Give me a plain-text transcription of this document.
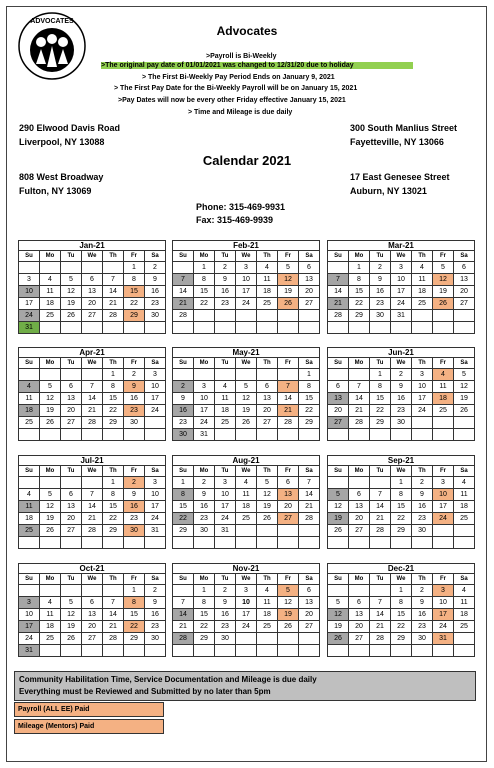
ADVOCATES
Advocates
>Payroll is Bi-Weekly
>The original pay date of 01/01/2021 was changed to 12/31/20 due to holiday
> The First Bi-Weekly Pay Period Ends on January 9, 2021
> The First Pay Date for the Bi-Weekly Payroll will be on January 15, 2021
>Pay Dates will now be every other Friday effective January 15, 2021
> Time and Mileage is due daily
290 Elwood Davis Road
Liverpool, NY 13088
300 South Manlius Street
Fayetteville, NY 13066
Calendar 2021
808 West Broadway
Fulton, NY 13069
17 East Genesee Street
Auburn, NY 13021
Phone: 315-469-9931
Fax: 315-469-9939
Jan-21
Su	Mo	Tu	We	Th	Fr	Sa
					1	2
3	4	5	6	7	8	9
10	11	12	13	14	15	16
17	18	19	20	21	22	23
24	25	26	27	28	29	30
31						
Feb-21
Su	Mo	Tu	We	Th	Fr	Sa
	1	2	3	4	5	6
7	8	9	10	11	12	13
14	15	16	17	18	19	20
21	22	23	24	25	26	27
28						

Mar-21
Su	Mo	Tu	We	Th	Fr	Sa
	1	2	3	4	5	6
7	8	9	10	11	12	13
14	15	16	17	18	19	20
21	22	23	24	25	26	27
28	29	30	31			

Apr-21
Su	Mo	Tu	We	Th	Fr	Sa
				1	2	3
4	5	6	7	8	9	10
11	12	13	14	15	16	17
18	19	20	21	22	23	24
25	26	27	28	29	30	

May-21
Su	Mo	Tu	We	Th	Fr	Sa
						1
2	3	4	5	6	7	8
9	10	11	12	13	14	15
16	17	18	19	20	21	22
23	24	25	26	27	28	29
30	31					
Jun-21
Su	Mo	Tu	We	Th	Fr	Sa
		1	2	3	4	5
6	7	8	9	10	11	12
13	14	15	16	17	18	19
20	21	22	23	24	25	26
27	28	29	30			

Jul-21
Su	Mo	Tu	We	Th	Fr	Sa
				1	2	3
4	5	6	7	8	9	10
11	12	13	14	15	16	17
18	19	20	21	22	23	24
25	26	27	28	29	30	31

Aug-21
Su	Mo	Tu	We	Th	Fr	Sa
1	2	3	4	5	6	7
8	9	10	11	12	13	14
15	16	17	18	19	20	21
22	23	24	25	26	27	28
29	30	31				

Sep-21
Su	Mo	Tu	We	Th	Fr	Sa
			1	2	3	4
5	6	7	8	9	10	11
12	13	14	15	16	17	18
19	20	21	22	23	24	25
26	27	28	29	30		

Oct-21
Su	Mo	Tu	We	Th	Fr	Sa
					1	2
3	4	5	6	7	8	9
10	11	12	13	14	15	16
17	18	19	20	21	22	23
24	25	26	27	28	29	30
31						
Nov-21
Su	Mo	Tu	We	Th	Fr	Sa
	1	2	3	4	5	6
7	8	9	10	11	12	13
14	15	16	17	18	19	20
21	22	23	24	25	26	27
28	29	30				

Dec-21
Su	Mo	Tu	We	Th	Fr	Sa
			1	2	3	4
5	6	7	8	9	10	11
12	13	14	15	16	17	18
19	20	21	22	23	24	25
26	27	28	29	30	31	

Community Habilitation Time, Service Documentation and Mileage is due daily
Everything must be Reviewed and Submitted by no later than 5pm
Payroll (ALL EE) Paid
Mileage (Mentors) Paid
